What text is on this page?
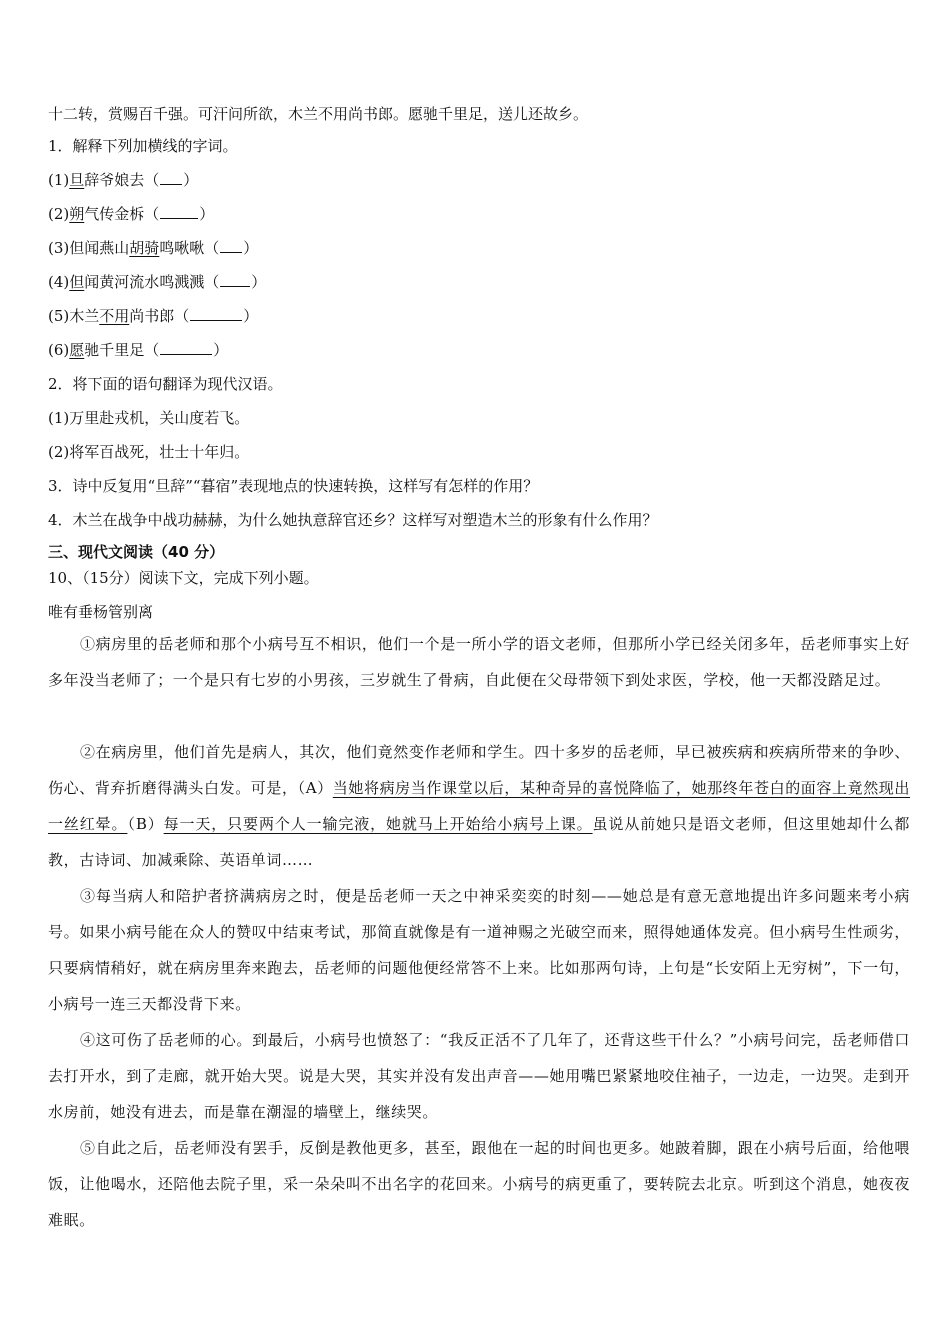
十二转，赏赐百千强。可汗问所欲，木兰不用尚书郎。愿驰千里足，送儿还故乡。
1．解释下列加横线的字词。
(1)旦辞爷娘去（ ）
(2)朔气传金柝（	）
(3)但闻燕山胡骑鸣啾啾（ ）
(4)但闻黄河流水鸣溅溅（ ）
(5)木兰不用尚书郎（	）
(6)愿驰千里足（	）
2．将下面的语句翻译为现代汉语。
(1)万里赴戎机，关山度若飞。
(2)将军百战死，壮士十年归。
3．诗中反复用“旦辞”“暮宿”表现地点的快速转换，这样写有怎样的作用？
4．木兰在战争中战功赫赫，为什么她执意辞官还乡？这样写对塑造木兰的形象有什么作用？
三、现代文阅读（40 分）
10、（15分）阅读下文，完成下列小题。
唯有垂杨管别离
①病房里的岳老师和那个小病号互不相识，他们一个是一所小学的语文老师，但那所小学已经关闭多年，岳老师事实上好多年没当老师了；一个是只有七岁的小男孩，三岁就生了骨病，自此便在父母带领下到处求医，学校，他一天都没踏足过。
②在病房里，他们首先是病人，其次，他们竟然变作老师和学生。四十多岁的岳老师，早已被疾病和疾病所带来的争吵、伤心、背弃折磨得满头白发。可是，（A）当她将病房当作课堂以后，某种奇异的喜悦降临了，她那终年苍白的面容上竟然现出一丝红晕。（B）每一天，只要两个人一输完液，她就马上开始给小病号上课。虽说从前她只是语文老师，但这里她却什么都教，古诗词、加减乘除、英语单词……
③每当病人和陪护者挤满病房之时，便是岳老师一天之中神采奕奕的时刻——她总是有意无意地提出许多问题来考小病号。如果小病号能在众人的赞叹中结束考试，那简直就像是有一道神赐之光破空而来，照得她通体发亮。但小病号生性顽劣，只要病情稍好，就在病房里奔来跑去，岳老师的问题他便经常答不上来。比如那两句诗，上句是“长安陌上无穷树”，下一句，小病号一连三天都没背下来。
④这可伤了岳老师的心。到最后，小病号也愤怒了：“我反正活不了几年了，还背这些干什么？”小病号问完，岳老师借口去打开水，到了走廊，就开始大哭。说是大哭，其实并没有发出声音——她用嘴巴紧紧地咬住袖子，一边走，一边哭。走到开水房前，她没有进去，而是靠在潮湿的墙壁上，继续哭。
⑤自此之后，岳老师没有罢手，反倒是教他更多，甚至，跟他在一起的时间也更多。她跛着脚，跟在小病号后面，给他喂饭，让他喝水，还陪他去院子里，采一朵朵叫不出名字的花回来。小病号的病更重了，要转院去北京。听到这个消息，她夜夜难眠。
